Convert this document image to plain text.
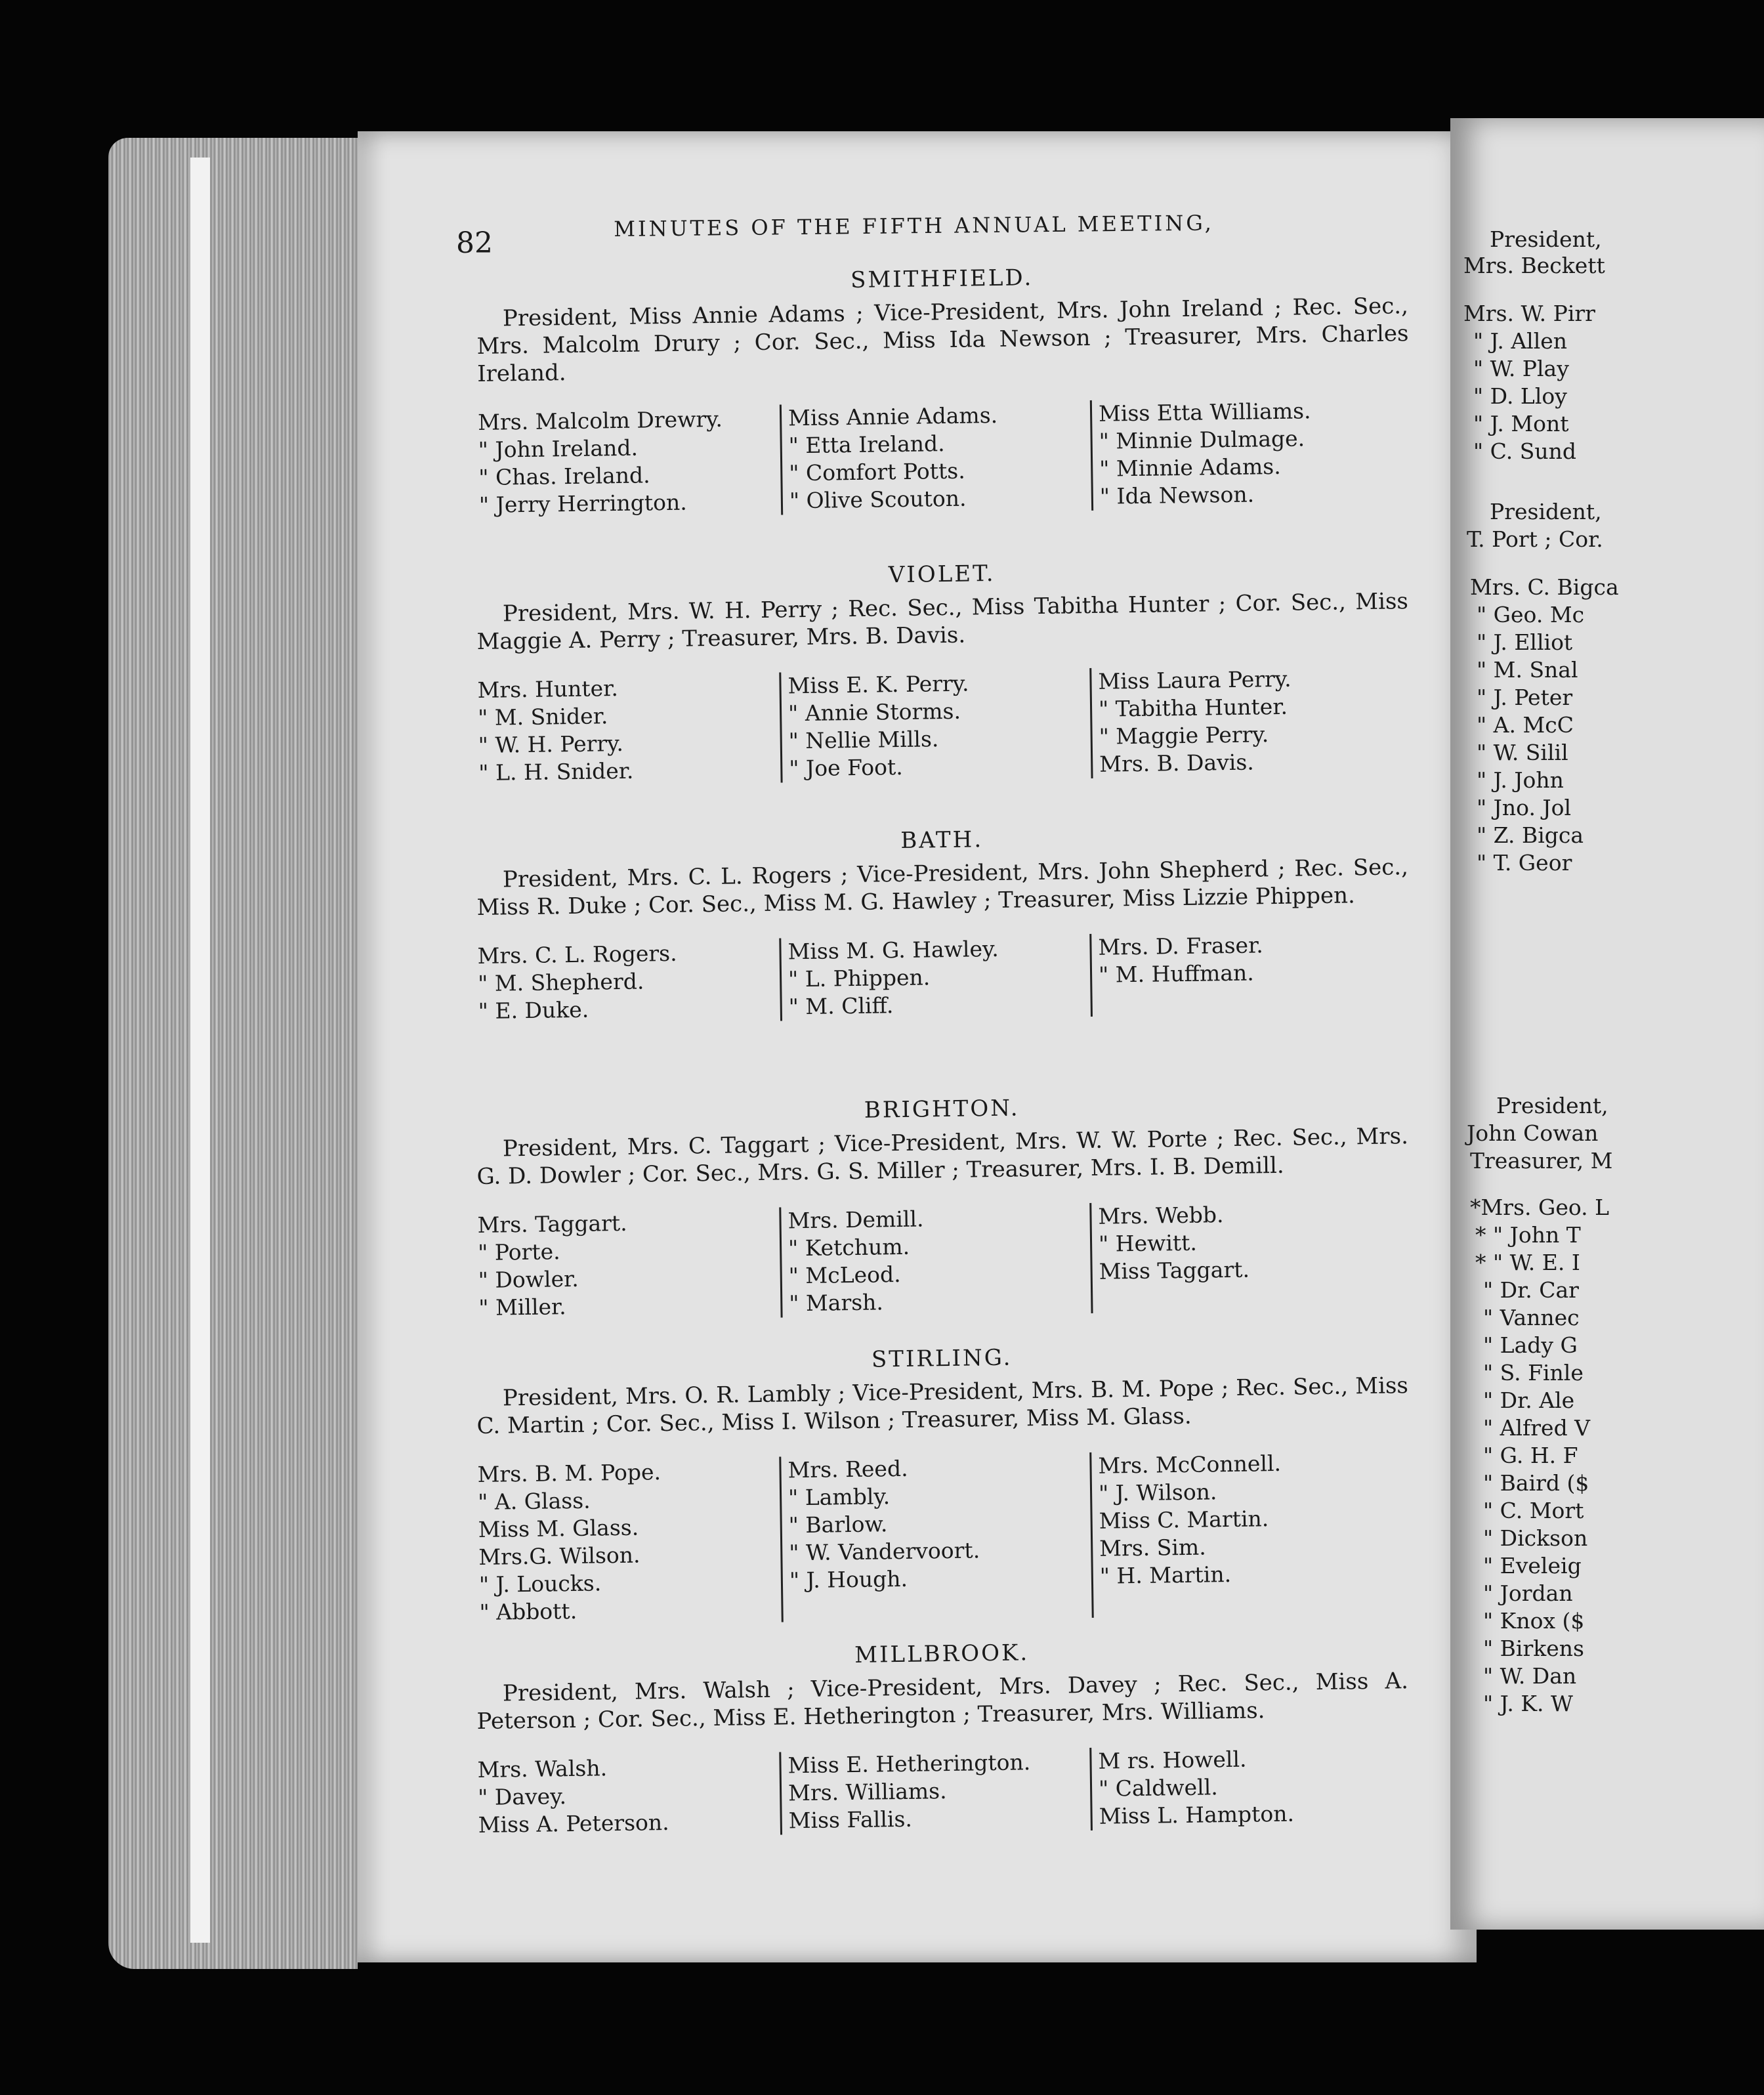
82
MINUTES OF THE FIFTH ANNUAL MEETING,
SMITHFIELD.

President, Miss Annie Adams ; Vice-President, Mrs. John Ireland ; Rec. Sec., Mrs. Malcolm Drury ; Cor. Sec., Miss Ida Newson ; Treasurer, Mrs. Charles Ireland.

Mrs. Malcolm Drewry.
" John Ireland.
" Chas. Ireland.
" Jerry Herrington.
Miss Annie Adams.
" Etta Ireland.
" Comfort Potts.
" Olive Scouton.
Miss Etta Williams.
" Minnie Dulmage.
" Minnie Adams.
" Ida Newson.
VIOLET.

President, Mrs. W. H. Perry ; Rec. Sec., Miss Tabitha Hunter ; Cor. Sec., Miss Maggie A. Perry ; Treasurer, Mrs. B. Davis.

Mrs. Hunter.
" M. Snider.
" W. H. Perry.
" L. H. Snider.
Miss E. K. Perry.
" Annie Storms.
" Nellie Mills.
" Joe Foot.
Miss Laura Perry.
" Tabitha Hunter.
" Maggie Perry.
Mrs. B. Davis.
BATH.

President, Mrs. C. L. Rogers ; Vice-President, Mrs. John Shepherd ; Rec. Sec., Miss R. Duke ; Cor. Sec., Miss M. G. Hawley ; Treasurer, Miss Lizzie Phippen.

Mrs. C. L. Rogers.
" M. Shepherd.
" E. Duke.
Miss M. G. Hawley.
" L. Phippen.
" M. Cliff.
Mrs. D. Fraser.
" M. Huffman.
BRIGHTON.

President, Mrs. C. Taggart ; Vice-President, Mrs. W. W. Porte ; Rec. Sec., Mrs. G. D. Dowler ; Cor. Sec., Mrs. G. S. Miller ; Treasurer, Mrs. I. B. Demill.

Mrs. Taggart.
" Porte.
" Dowler.
" Miller.
Mrs. Demill.
" Ketchum.
" McLeod.
" Marsh.
Mrs. Webb.
" Hewitt.
Miss Taggart.
STIRLING.

President, Mrs. O. R. Lambly ; Vice-President, Mrs. B. M. Pope ; Rec. Sec., Miss C. Martin ; Cor. Sec., Miss I. Wilson ; Treasurer, Miss M. Glass.

Mrs. B. M. Pope.
" A. Glass.
Miss M. Glass.
Mrs.G. Wilson.
" J. Loucks.
" Abbott.
Mrs. Reed.
" Lambly.
" Barlow.
" W. Vandervoort.
" J. Hough.
Mrs. McConnell.
" J. Wilson.
Miss C. Martin.
Mrs. Sim.
" H. Martin.
MILLBROOK.

President, Mrs. Walsh ; Vice-President, Mrs. Davey ; Rec. Sec., Miss A. Peterson ; Cor. Sec., Miss E. Hetherington ; Treasurer, Mrs. Williams.

Mrs. Walsh.
" Davey.
Miss A. Peterson.
Miss E. Hetherington.
Mrs. Williams.
Miss Fallis.
M rs. Howell.
" Caldwell.
Miss L. Hampton.
President,
Mrs. Beckett
Mrs. W. Pirr
" J. Allen
" W. Play
" D. Lloy
" J. Mont
" C. Sund
President,
T. Port ; Cor.
Mrs. C. Bigca
" Geo. Mc
" J. Elliot
" M. Snal
" J. Peter
" A. McC
" W. Silil
" J. John
" Jno. Jol
" Z. Bigca
" T. Geor
President,
John Cowan
Treasurer, M
*Mrs. Geo. L
* " John T
* " W. E. I
" Dr. Car
" Vannec
" Lady G
" S. Finle
" Dr. Ale
" Alfred V
" G. H. F
" Baird ($
" C. Mort
" Dickson
" Eveleig
" Jordan
" Knox ($
" Birkens
" W. Dan
" J. K. W
